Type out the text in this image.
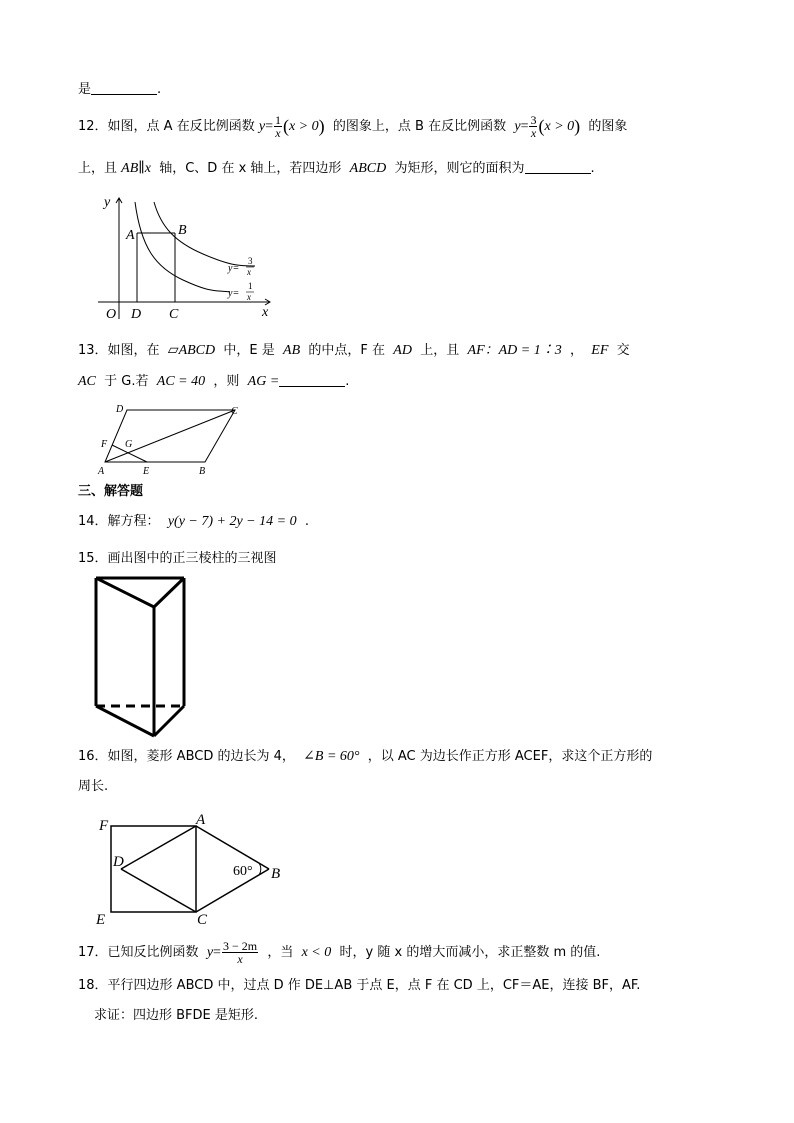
是	.
12．如图，点 A 在反比例函数 $y= \frac{1}{x} (x > 0)$ 的图象上，点 B 在反比例函数 $y= \frac{3}{x} (x > 0)$ 的图象
上，且 AB∥x 轴，C、D 在 x 轴上，若四边形 ABCD 为矩形，则它的面积为	.
y
x
O
A	B
D C
y=
3
x
y=
1
x
13．如图，在 ▱ABCD 中，E 是 AB 的中点，F 在 AD 上，且 AF：AD = 1∶3 ， EF 交
AC 于 G.若 AC = 40 ，则 AG =	.
A	B
E
C
D
F G
三、解答题
14．解方程： y(y − 7) + 2y − 14 = 0 .
15．画出图中的正三棱柱的三视图
16．如图，菱形 ABCD 的边长为 4， ∠B = 60° ，以 AC 为边长作正方形 ACEF，求这个正方形的
周长.
F	A
D
B
60°
E	C
17．已知反比例函数 $y= \frac{3 - 2m}{x}$ ，当 x < 0 时，y 随 x 的增大而减小，求正整数 m 的值.
18．平行四边形 ABCD 中，过点 D 作 DE⊥AB 于点 E，点 F 在 CD 上，CF＝AE，连接 BF，AF.
求证：四边形 BFDE 是矩形.
